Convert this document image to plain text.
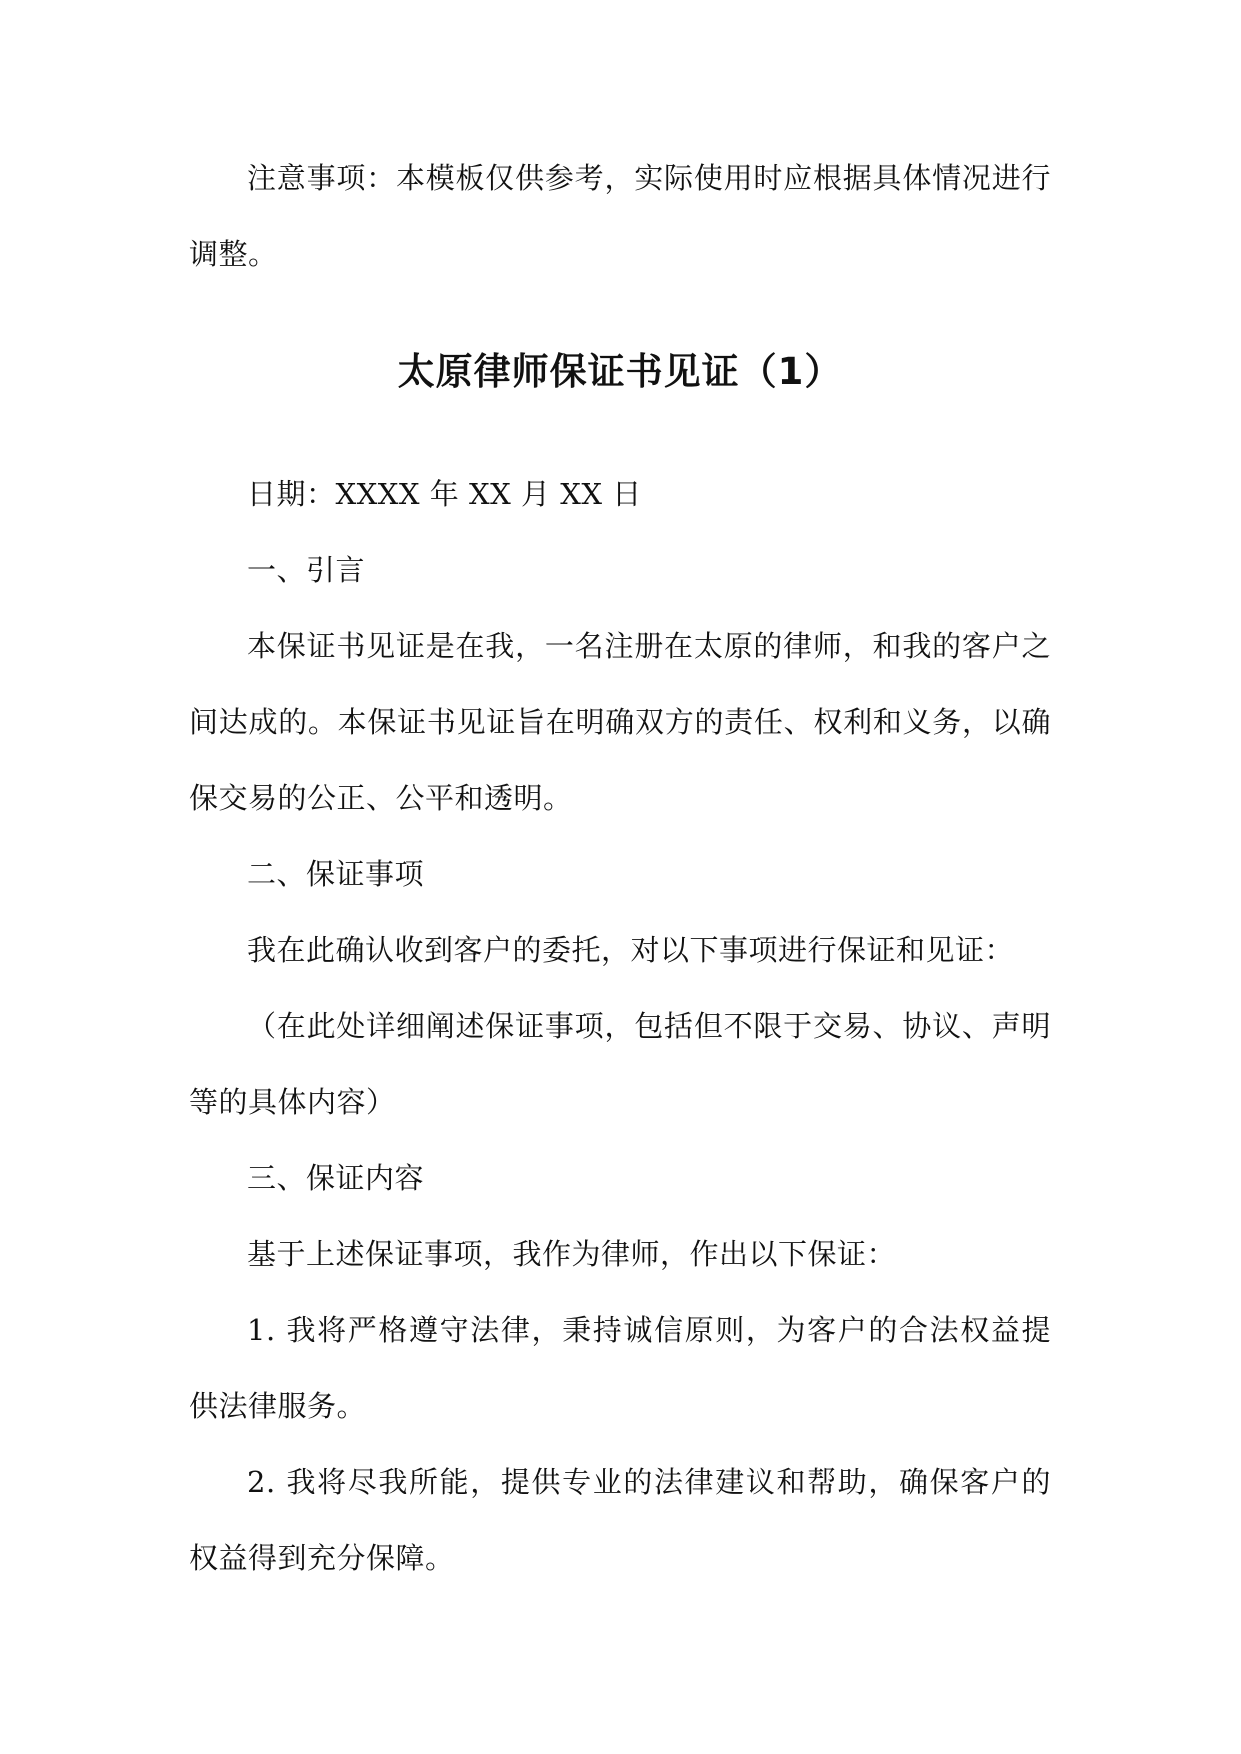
注意事项：本模板仅供参考，实际使用时应根据具体情况进行调整。

太原律师保证书见证（1）

日期：XXXX 年 XX 月 XX 日

一、引言

本保证书见证是在我，一名注册在太原的律师，和我的客户之间达成的。本保证书见证旨在明确双方的责任、权利和义务，以确保交易的公正、公平和透明。

二、保证事项

我在此确认收到客户的委托，对以下事项进行保证和见证：

（在此处详细阐述保证事项，包括但不限于交易、协议、声明等的具体内容）

三、保证内容

基于上述保证事项，我作为律师，作出以下保证：

1. 我将严格遵守法律，秉持诚信原则，为客户的合法权益提供法律服务。

2. 我将尽我所能，提供专业的法律建议和帮助，确保客户的权益得到充分保障。
